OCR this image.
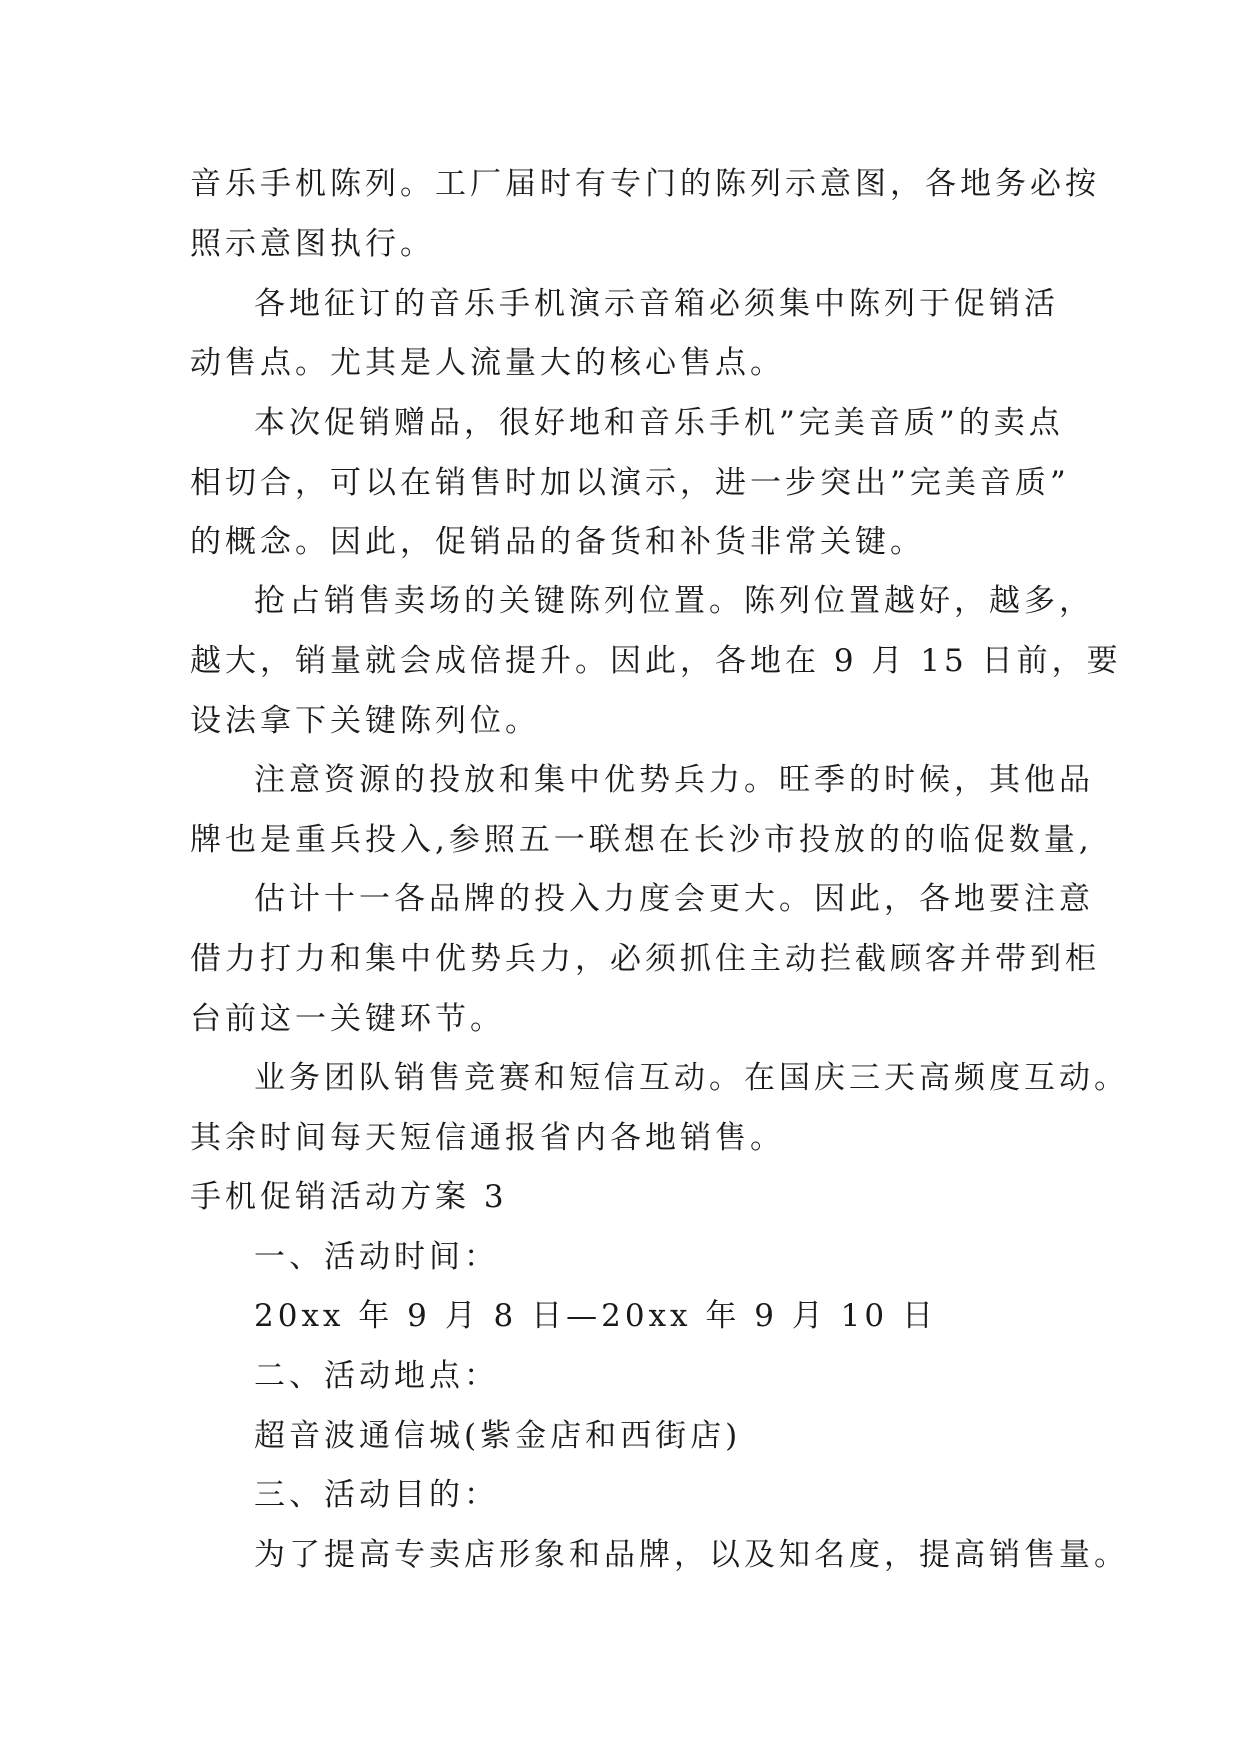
音乐手机陈列。工厂届时有专门的陈列示意图，各地务必按
照示意图执行。
各地征订的音乐手机演示音箱必须集中陈列于促销活
动售点。尤其是人流量大的核心售点。
本次促销赠品，很好地和音乐手机”完美音质”的卖点
相切合，可以在销售时加以演示，进一步突出”完美音质”
的概念。因此，促销品的备货和补货非常关键。
抢占销售卖场的关键陈列位置。陈列位置越好，越多，
越大，销量就会成倍提升。因此，各地在 9 月 15 日前，要
设法拿下关键陈列位。
注意资源的投放和集中优势兵力。旺季的时候，其他品
牌也是重兵投入,参照五一联想在长沙市投放的的临促数量,
估计十一各品牌的投入力度会更大。因此，各地要注意
借力打力和集中优势兵力，必须抓住主动拦截顾客并带到柜
台前这一关键环节。
业务团队销售竞赛和短信互动。在国庆三天高频度互动。
其余时间每天短信通报省内各地销售。
手机促销活动方案 3
一、活动时间：
20xx 年 9 月 8 日—20xx 年 9 月 10 日
二、活动地点：
超音波通信城(紫金店和西街店)
三、活动目的：
为了提高专卖店形象和品牌，以及知名度，提高销售量。
